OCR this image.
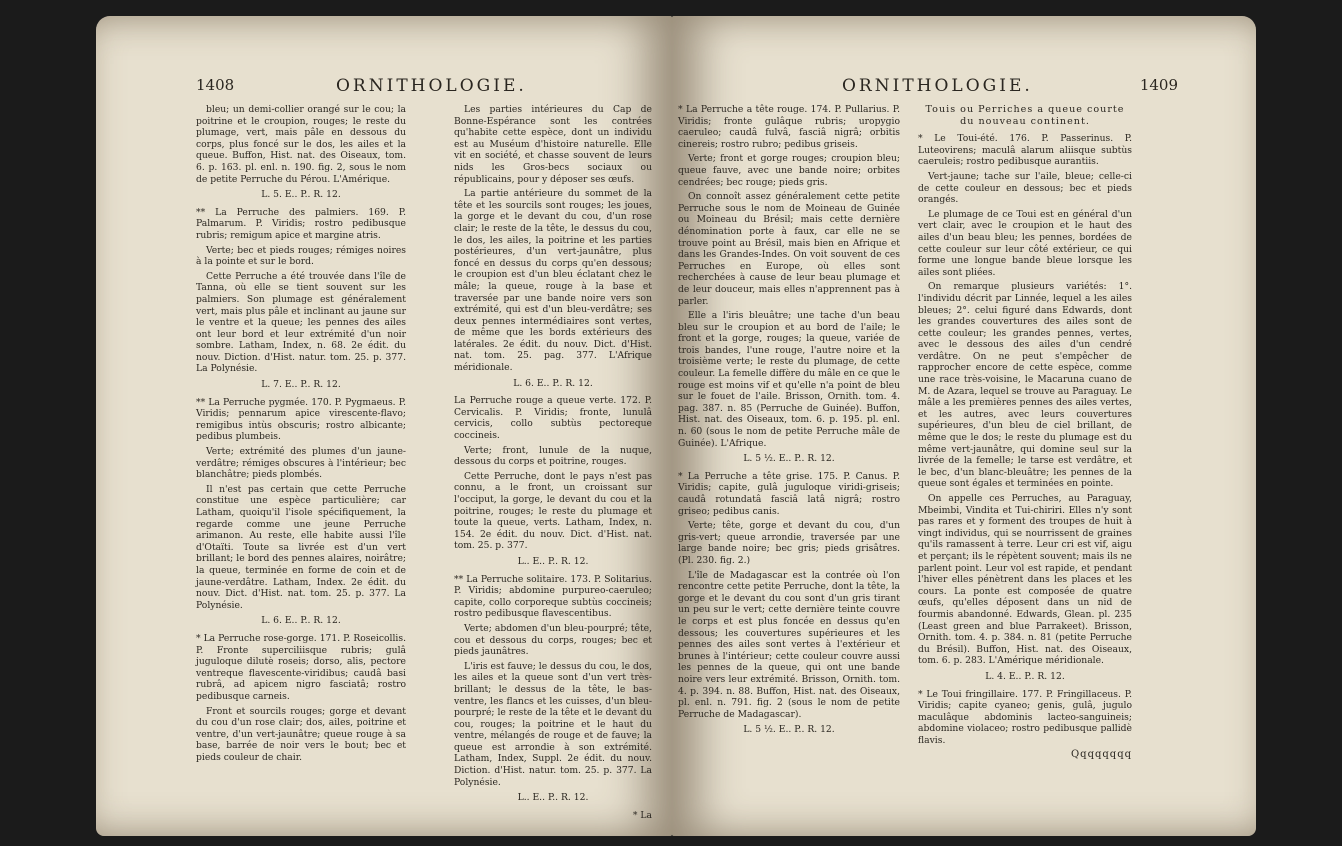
1408	ORNITHOLOGIE.

bleu; un demi-collier orangé sur le cou; la poitrine et le croupion, rouges; le reste du plumage, vert, mais pâle en dessous du corps, plus foncé sur le dos, les ailes et la queue. Buffon, Hist. nat. des Oiseaux, tom. 6. p. 163. pl. enl. n. 190. fig. 2, sous le nom de petite Perruche du Pérou. L'Amérique.

L. 5. E.. P.. R. 12.

** La Perruche des palmiers. 169. P. Palmarum. P. Viridis; rostro pedibusque rubris; remigum apice et margine atris.

Verte; bec et pieds rouges; rémiges noires à la pointe et sur le bord.

Cette Perruche a été trouvée dans l'île de Tanna, où elle se tient souvent sur les palmiers. Son plumage est généralement vert, mais plus pâle et inclinant au jaune sur le ventre et la queue; les pennes des ailes ont leur bord et leur extrémité d'un noir sombre. Latham, Index, n. 68. 2e édit. du nouv. Diction. d'Hist. natur. tom. 25. p. 377. La Polynésie.

L. 7. E.. P.. R. 12.

** La Perruche pygmée. 170. P. Pygmaeus. P. Viridis; pennarum apice virescente-flavo; remigibus intùs obscuris; rostro albicante; pedibus plumbeis.

Verte; extrémité des plumes d'un jaune-verdâtre; rémiges obscures à l'intérieur; bec blanchâtre; pieds plombés.

Il n'est pas certain que cette Perruche constitue une espèce particulière; car Latham, quoiqu'il l'isole spécifiquement, la regarde comme une jeune Perruche arimanon. Au reste, elle habite aussi l'île d'Otaïti. Toute sa livrée est d'un vert brillant; le bord des pennes alaires, noirâtre; la queue, terminée en forme de coin et de jaune-verdâtre. Latham, Index. 2e édit. du nouv. Dict. d'Hist. nat. tom. 25. p. 377. La Polynésie.

L. 6. E.. P.. R. 12.

* La Perruche rose-gorge. 171. P. Roseicollis. P. Fronte superciliisque rubris; gulâ juguloque dilutè roseis; dorso, alis, pectore ventreque flavescente-viridibus; caudâ basi rubrâ, ad apicem nigro fasciatâ; rostro pedibusque carneis.

Front et sourcils rouges; gorge et devant du cou d'un rose clair; dos, ailes, poitrine et ventre, d'un vert-jaunâtre; queue rouge à sa base, barrée de noir vers le bout; bec et pieds couleur de chair.

Les parties intérieures du Cap de Bonne-Espérance sont les contrées qu'habite cette espèce, dont un individu est au Muséum d'histoire naturelle. Elle vit en société, et chasse souvent de leurs nids les Gros-becs sociaux ou républicains, pour y déposer ses œufs.

La partie antérieure du sommet de la tête et les sourcils sont rouges; les joues, la gorge et le devant du cou, d'un rose clair; le reste de la tête, le dessus du cou, le dos, les ailes, la poitrine et les parties postérieures, d'un vert-jaunâtre, plus foncé en dessus du corps qu'en dessous; le croupion est d'un bleu éclatant chez le mâle; la queue, rouge à la base et traversée par une bande noire vers son extrémité, qui est d'un bleu-verdâtre; ses deux pennes intermédiaires sont vertes, de même que les bords extérieurs des latérales. 2e édit. du nouv. Dict. d'Hist. nat. tom. 25. pag. 377. L'Afrique méridionale.

L. 6. E.. P.. R. 12.

La Perruche rouge a queue verte. 172. P. Cervicalis. P. Viridis; fronte, lunulâ cervicis, collo subtùs pectoreque coccineis.

Verte; front, lunule de la nuque, dessous du corps et poitrine, rouges.

Cette Perruche, dont le pays n'est pas connu, a le front, un croissant sur l'occiput, la gorge, le devant du cou et la poitrine, rouges; le reste du plumage et toute la queue, verts. Latham, Index, n. 154. 2e édit. du nouv. Dict. d'Hist. nat. tom. 25. p. 377.

L.. E.. P.. R. 12.

** La Perruche solitaire. 173. P. Solitarius. P. Viridis; abdomine purpureo-caeruleo; capite, collo corporeque subtùs coccineis; rostro pedibusque flavescentibus.

Verte; abdomen d'un bleu-pourpré; tête, cou et dessous du corps, rouges; bec et pieds jaunâtres.

L'iris est fauve; le dessus du cou, le dos, les ailes et la queue sont d'un vert très-brillant; le dessus de la tête, le bas-ventre, les flancs et les cuisses, d'un bleu-pourpré; le reste de la tête et le devant du cou, rouges; la poitrine et le haut du ventre, mélangés de rouge et de fauve; la queue est arrondie à son extrémité. Latham, Index, Suppl. 2e édit. du nouv. Diction. d'Hist. natur. tom. 25. p. 377. La Polynésie.

L.. E.. P.. R. 12.

* La

ORNITHOLOGIE.	1409

* La Perruche a tête rouge. 174. P. Pullarius. P. Viridis; fronte gulâque rubris; uropygio caeruleo; caudâ fulvâ, fasciâ nigrâ; orbitis cinereis; rostro rubro; pedibus griseis.

Verte; front et gorge rouges; croupion bleu; queue fauve, avec une bande noire; orbites cendrées; bec rouge; pieds gris.

On connoît assez généralement cette petite Perruche sous le nom de Moineau de Guinée ou Moineau du Brésil; mais cette dernière dénomination porte à faux, car elle ne se trouve point au Brésil, mais bien en Afrique et dans les Grandes-Indes. On voit souvent de ces Perruches en Europe, où elles sont recherchées à cause de leur beau plumage et de leur douceur, mais elles n'apprennent pas à parler.

Elle a l'iris bleuâtre; une tache d'un beau bleu sur le croupion et au bord de l'aile; le front et la gorge, rouges; la queue, variée de trois bandes, l'une rouge, l'autre noire et la troisième verte; le reste du plumage, de cette couleur. La femelle diffère du mâle en ce que le rouge est moins vif et qu'elle n'a point de bleu sur le fouet de l'aile. Brisson, Ornith. tom. 4. pag. 387. n. 85 (Perruche de Guinée). Buffon, Hist. nat. des Oiseaux, tom. 6. p. 195. pl. enl. n. 60 (sous le nom de petite Perruche mâle de Guinée). L'Afrique.

L. 5 ½. E.. P.. R. 12.

* La Perruche a tête grise. 175. P. Canus. P. Viridis; capite, gulâ juguloque viridi-griseis; caudâ rotundatâ fasciâ latâ nigrâ; rostro griseo; pedibus canis.

Verte; tête, gorge et devant du cou, d'un gris-vert; queue arrondie, traversée par une large bande noire; bec gris; pieds grisâtres. (Pl. 230. fig. 2.)

L'île de Madagascar est la contrée où l'on rencontre cette petite Perruche, dont la tête, la gorge et le devant du cou sont d'un gris tirant un peu sur le vert; cette dernière teinte couvre le corps et est plus foncée en dessus qu'en dessous; les couvertures supérieures et les pennes des ailes sont vertes à l'extérieur et brunes à l'intérieur; cette couleur couvre aussi les pennes de la queue, qui ont une bande noire vers leur extrémité. Brisson, Ornith. tom. 4. p. 394. n. 88. Buffon, Hist. nat. des Oiseaux, pl. enl. n. 791. fig. 2 (sous le nom de petite Perruche de Madagascar).

L. 5 ½. E.. P.. R. 12.

Touis ou Perriches a queue courte du nouveau continent.

* Le Toui-été. 176. P. Passerinus. P. Luteovirens; maculâ alarum aliisque subtùs caeruleis; rostro pedibusque aurantiis.

Vert-jaune; tache sur l'aile, bleue; celle-ci de cette couleur en dessous; bec et pieds orangés.

Le plumage de ce Toui est en général d'un vert clair, avec le croupion et le haut des ailes d'un beau bleu; les pennes, bordées de cette couleur sur leur côté extérieur, ce qui forme une longue bande bleue lorsque les ailes sont pliées.

On remarque plusieurs variétés: 1°. l'individu décrit par Linnée, lequel a les ailes bleues; 2°. celui figuré dans Edwards, dont les grandes couvertures des ailes sont de cette couleur; les grandes pennes, vertes, avec le dessous des ailes d'un cendré verdâtre. On ne peut s'empêcher de rapprocher encore de cette espèce, comme une race très-voisine, le Macaruna cuano de M. de Azara, lequel se trouve au Paraguay. Le mâle a les premières pennes des ailes vertes, et les autres, avec leurs couvertures supérieures, d'un bleu de ciel brillant, de même que le dos; le reste du plumage est du même vert-jaunâtre, qui domine seul sur la livrée de la femelle; le tarse est verdâtre, et le bec, d'un blanc-bleuâtre; les pennes de la queue sont égales et terminées en pointe.

On appelle ces Perruches, au Paraguay, Mbeimbi, Vindita et Tui-chiriri. Elles n'y sont pas rares et y forment des troupes de huit à vingt individus, qui se nourrissent de graines qu'ils ramassent à terre. Leur cri est vif, aigu et perçant; ils le répètent souvent; mais ils ne parlent point. Leur vol est rapide, et pendant l'hiver elles pénètrent dans les places et les cours. La ponte est composée de quatre œufs, qu'elles déposent dans un nid de fourmis abandonné. Edwards, Glean. pl. 235 (Least green and blue Parrakeet). Brisson, Ornith. tom. 4. p. 384. n. 81 (petite Perruche du Brésil). Buffon, Hist. nat. des Oiseaux, tom. 6. p. 283. L'Amérique méridionale.

L. 4. E.. P.. R. 12.

* Le Toui fringillaire. 177. P. Fringillaceus. P. Viridis; capite cyaneo; genis, gulâ, jugulo maculâque abdominis lacteo-sanguineis; abdomine violaceo; rostro pedibusque pallidè flavis.

Qqqqqqqq
